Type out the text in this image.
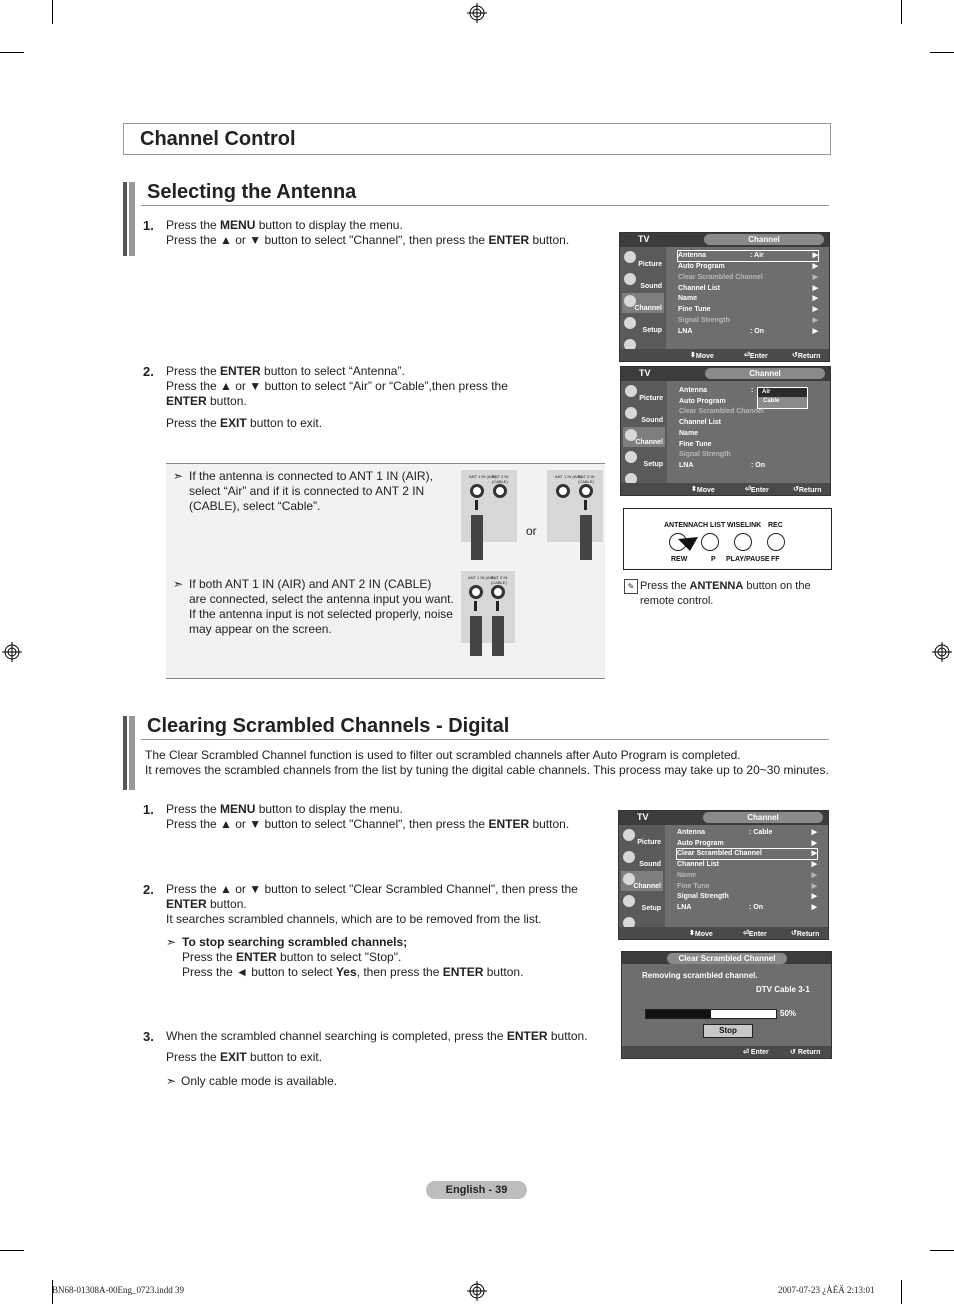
Channel Control
Selecting the Antenna
1. Press the MENU button to display the menu.
Press the ▲ or ▼ button to select "Channel", then press the ENTER button.
2. Press the ENTER button to select “Antenna”.
Press the ▲ or ▼ button to select “Air” or “Cable”,then press the
ENTER button.
Press the EXIT button to exit.
➣ If the antenna is connected to ANT 1 IN (AIR),
select “Air” and if it is connected to ANT 2 IN
(CABLE), select “Cable”.
➣ If both ANT 1 IN (AIR) and ANT 2 IN (CABLE)
are connected, select the antenna input you want.
If the antenna input is not selected properly, noise
may appear on the screen.
ANT 1 IN (AIR)
ANT 2 IN (CABLE)
or
ANT 1 IN (AIR)
ANT 2 IN (CABLE)
ANT 1 IN (AIR)
ANT 2 IN (CABLE)
TV	Channel
Picture
Sound
Channel
Setup
Antenna	: Air	▶
Auto Program	▶
Clear Scrambled Channel	▶
Channel List	▶
Name	▶
Fine Tune	▶
Signal Strength	▶
LNA	: On	▶
⬍ Move	⏎ Enter	↺ Return
TV	Channel
Picture
Sound
Channel
Setup
Antenna	:	Air
Cable
Auto Program
Clear Scrambled Channel
Channel List
Name
Fine Tune
Signal Strength
LNA	: On
⬍ Move	⏎ Enter	↺ Return
ANTENNA CH LIST WISELINK REC
REW	P PLAY/PAUSE FF
✎ Press the ANTENNA button on the
remote control.
Clearing Scrambled Channels - Digital
The Clear Scrambled Channel function is used to filter out scrambled channels after Auto Program is completed.
It removes the scrambled channels from the list by tuning the digital cable channels. This process may take up to 20~30 minutes.
1. Press the MENU button to display the menu.
Press the ▲ or ▼ button to select "Channel", then press the ENTER button.
2. Press the ▲ or ▼ button to select "Clear Scrambled Channel", then press the
ENTER button.
It searches scrambled channels, which are to be removed from the list.
➣ To stop searching scrambled channels;
Press the ENTER button to select "Stop".
Press the ◄ button to select Yes, then press the ENTER button.
3. When the scrambled channel searching is completed, press the ENTER button.
Press the EXIT button to exit.
➣ Only cable mode is available.
TV	Channel
Picture
Sound
Channel
Setup
Antenna	: Cable	▶
Auto Program	▶
Clear Scrambled Channel	▶
Channel List	▶
Name	▶
Fine Tune	▶
Signal Strength	▶
LNA	: On	▶
⬍ Move	⏎ Enter	↺ Return
Clear Scrambled Channel
Removing scrambled channel.
DTV Cable 3-1
50%
Stop
⏎ Enter	↺ Return
English - 39
BN68-01308A-00Eng_0723.indd 39	2007-07-23 ¿ÀÈÄ 2:13:01
